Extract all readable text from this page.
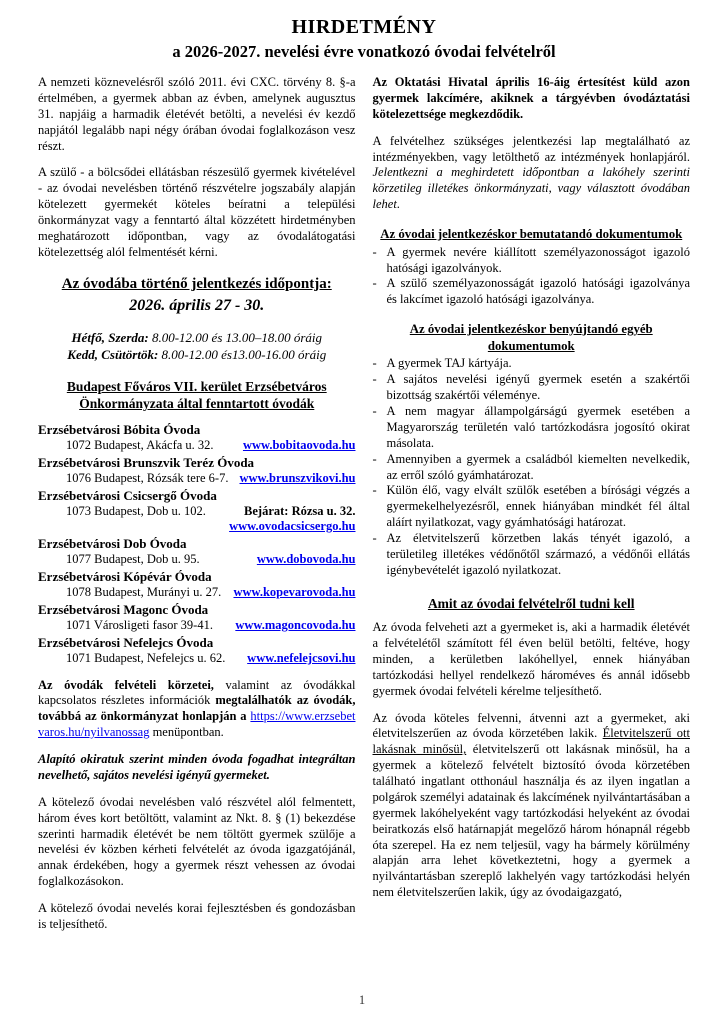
HIRDETMÉNY
a 2026-2027. nevelési évre vonatkozó óvodai felvételről

A nemzeti köznevelésről szóló 2011. évi CXC. törvény 8. §-a értelmében, a gyermek abban az évben, amelynek augusztus 31. napjáig a harmadik életévét betölti, a nevelési év kezdő napjától legalább napi négy órában óvodai foglalkozáson vesz részt.

A szülő - a bölcsődei ellátásban részesülő gyermek kivételével - az óvodai nevelésben történő részvételre jogszabály alapján kötelezett gyermekét köteles beíratni a települési önkormányzat vagy a fenntartó által közzétett hirdetményben meghatározott időpontban, vagy az óvodalátogatási kötelezettség alól felmentését kérni.

Az óvodába történő jelentkezés időpontja:
2026. április 27 - 30.
Hétfő, Szerda: 8.00-12.00 és 13.00–18.00 óráig
Kedd, Csütörtök: 8.00-12.00 és13.00-16.00 óráig
Budapest Főváros VII. kerület Erzsébetváros Önkormányzata által fenntartott óvodák
Erzsébetvárosi Bóbita Óvoda
1072 Budapest, Akácfa u. 32. www.bobitaovoda.hu
Erzsébetvárosi Brunszvik Teréz Óvoda
1076 Budapest, Rózsák tere 6-7. www.brunszvikovi.hu
Erzsébetvárosi Csicsergő Óvoda
1073 Budapest, Dob u. 102.	Bejárat: Rózsa u. 32.
www.ovodacsicsergo.hu
Erzsébetvárosi Dob Óvoda
1077 Budapest, Dob u. 95.	www.dobovoda.hu
Erzsébetvárosi Kópévár Óvoda
1078 Budapest, Murányi u. 27. www.kopevarovoda.hu
Erzsébetvárosi Magonc Óvoda
1071 Városligeti fasor 39-41. www.magoncovoda.hu
Erzsébetvárosi Nefelejcs Óvoda
1071 Budapest, Nefelejcs u. 62. www.nefelejcsovi.hu

Az óvodák felvételi körzetei, valamint az óvodákkal kapcsolatos részletes információk megtalálhatók az óvodák, továbbá az önkormányzat honlapján a https://www.erzsebetvaros.hu/nyilvanossag menüpontban.

Alapító okiratuk szerint minden óvoda fogadhat integráltan nevelhető, sajátos nevelési igényű gyermeket.

A kötelező óvodai nevelésben való részvétel alól felmentett, három éves kort betöltött, valamint az Nkt. 8. § (1) bekezdése szerinti harmadik életévét be nem töltött gyermek szülője a nevelési év közben kérheti felvételét az óvoda igazgatójánál, annak érdekében, hogy a gyermek részt vehessen az óvodai foglalkozásokon.

A kötelező óvodai nevelés korai fejlesztésben és gondozásban is teljesíthető.

Az Oktatási Hivatal április 16-áig értesítést küld azon gyermek lakcímére, akiknek a tárgyévben óvodáztatási kötelezettsége megkezdődik.

A felvételhez szükséges jelentkezési lap megtalálható az intézményekben, vagy letölthető az intézmények honlapjáról. Jelentkezni a meghirdetett időpontban a lakóhely szerinti körzetileg illetékes önkormányzati, vagy választott óvodában lehet.

Az óvodai jelentkezéskor bemutatandó dokumentumok
- A gyermek nevére kiállított személyazonosságot igazoló hatósági igazolványok.
- A szülő személyazonosságát igazoló hatósági igazolványa és lakcímet igazoló hatósági igazolványa.
Az óvodai jelentkezéskor benyújtandó egyéb dokumentumok
- A gyermek TAJ kártyája.
- A sajátos nevelési igényű gyermek esetén a szakértői bizottság szakértői véleménye.
- A nem magyar állampolgárságú gyermek esetében a Magyarország területén való tartózkodásra jogosító okirat másolata.
- Amennyiben a gyermek a családból kiemelten nevelkedik, az erről szóló gyámhatározat.
- Külön élő, vagy elvált szülők esetében a bírósági végzés a gyermekelhelyezésről, ennek hiányában mindkét fél által aláírt nyilatkozat, vagy gyámhatósági határozat.
- Az életvitelszerű körzetben lakás tényét igazoló, a területileg illetékes védőnőtől származó, a védőnői ellátás igénybevételét igazoló nyilatkozat.
Amit az óvodai felvételről tudni kell

Az óvoda felveheti azt a gyermeket is, aki a harmadik életévét a felvételétől számított fél éven belül betölti, feltéve, hogy minden, a kerületben lakóhellyel, ennek hiányában tartózkodási hellyel rendelkező hároméves és annál idősebb gyermek óvodai felvételi kérelme teljesíthető.

Az óvoda köteles felvenni, átvenni azt a gyermeket, aki életvitelszerűen az óvoda körzetében lakik. Életvitelszerű ott lakásnak minősül, életvitelszerű ott lakásnak minősül, ha a gyermek a kötelező felvételt biztosító óvoda körzetében található ingatlant otthonául használja és az ilyen ingatlan a polgárok személyi adatainak és lakcímének nyilvántartásában a gyermek lakóhelyeként vagy tartózkodási helyeként az óvodai beiratkozás első határnapját megelőző három hónapnál régebb óta szerepel. Ha ez nem teljesül, vagy ha bármely körülmény alapján arra lehet következtetni, hogy a gyermek a nyilvántartásban szereplő lakhelyén vagy tartózkodási helyén nem életvitelszerűen lakik, úgy az óvodaigazgató,

1
